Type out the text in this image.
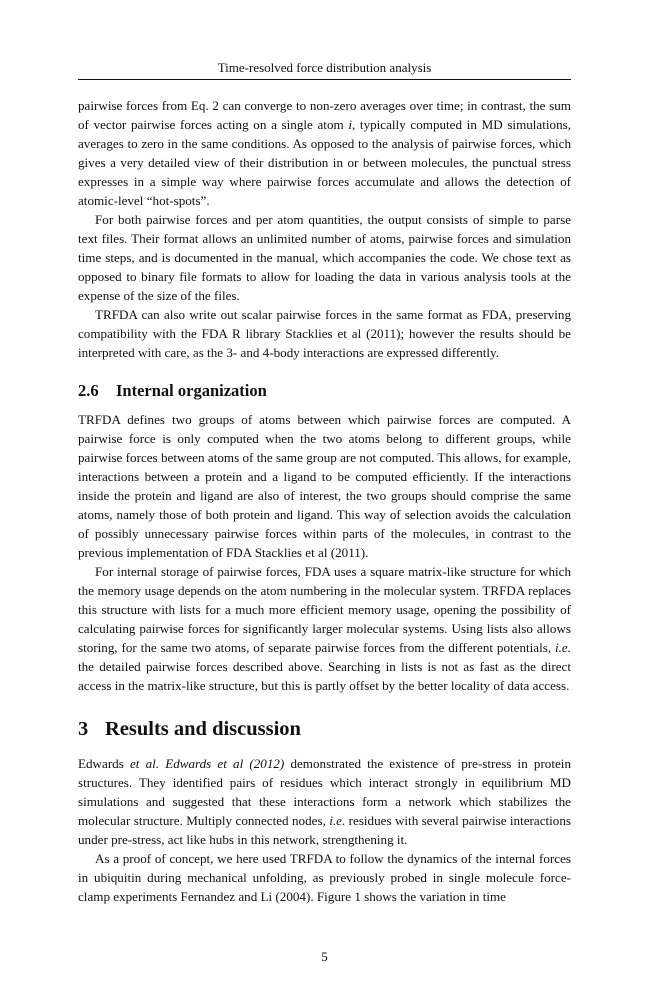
Time-resolved force distribution analysis

pairwise forces from Eq. 2 can converge to non-zero averages over time; in contrast, the sum of vector pairwise forces acting on a single atom i, typically computed in MD simulations, averages to zero in the same conditions. As opposed to the analysis of pairwise forces, which gives a very detailed view of their distribution in or between molecules, the punctual stress expresses in a simple way where pairwise forces accumulate and allows the detection of atomic-level “hot-spots”.

For both pairwise forces and per atom quantities, the output consists of simple to parse text files. Their format allows an unlimited number of atoms, pairwise forces and simulation time steps, and is documented in the manual, which accompanies the code. We chose text as opposed to binary file formats to allow for loading the data in various analysis tools at the expense of the size of the files.

TRFDA can also write out scalar pairwise forces in the same format as FDA, preserving compatibility with the FDA R library Stacklies et al (2011); however the results should be interpreted with care, as the 3- and 4-body interactions are expressed differently.

2.6 Internal organization

TRFDA defines two groups of atoms between which pairwise forces are computed. A pairwise force is only computed when the two atoms belong to different groups, while pairwise forces between atoms of the same group are not computed. This allows, for example, interactions between a protein and a ligand to be computed efficiently. If the interactions inside the protein and ligand are also of interest, the two groups should comprise the same atoms, namely those of both protein and ligand. This way of selection avoids the calculation of possibly unnecessary pairwise forces within parts of the molecules, in contrast to the previous implementation of FDA Stacklies et al (2011).

For internal storage of pairwise forces, FDA uses a square matrix-like structure for which the memory usage depends on the atom numbering in the molecular system. TRFDA replaces this structure with lists for a much more efficient memory usage, opening the possibility of calculating pairwise forces for significantly larger molecular systems. Using lists also allows storing, for the same two atoms, of separate pairwise forces from the different potentials, i.e. the detailed pairwise forces described above. Searching in lists is not as fast as the direct access in the matrix-like structure, but this is partly offset by the better locality of data access.

3 Results and discussion

Edwards et al. Edwards et al (2012) demonstrated the existence of pre-stress in protein structures. They identified pairs of residues which interact strongly in equilibrium MD simulations and suggested that these interactions form a network which stabilizes the molecular structure. Multiply connected nodes, i.e. residues with several pairwise interactions under pre-stress, act like hubs in this network, strengthening it.

As a proof of concept, we here used TRFDA to follow the dynamics of the internal forces in ubiquitin during mechanical unfolding, as previously probed in single molecule force-clamp experiments Fernandez and Li (2004). Figure 1 shows the variation in time

5
